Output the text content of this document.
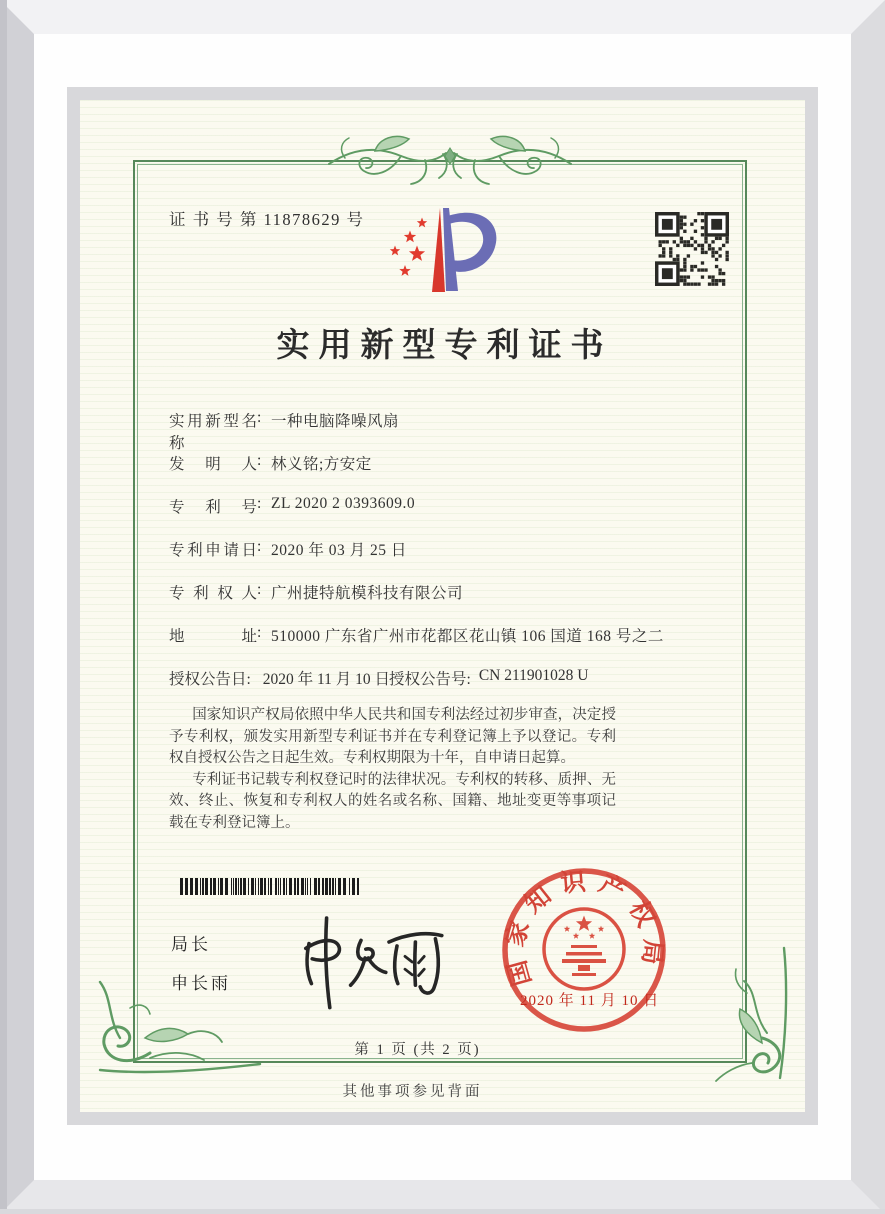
证 书 号 第 11878629 号
实用新型专利证书
实用新型名称
: 一种电脑降噪风扇
发明人 : 林义铭;方安定
专利号 : ZL 2020 2 0393609.0
专利申请日 : 2020 年 03 月 25 日
专利权人 : 广州捷特航模科技有限公司
地址 : 510000 广东省广州市花都区花山镇 106 国道 168 号之二
授权公告日: 2020 年 11 月 10 日 授权公告号: CN 211901028 U

国家知识产权局依照中华人民共和国专利法经过初步审查，决定授予专利权，颁发实用新型专利证书并在专利登记簿上予以登记。专利权自授权公告之日起生效。专利权期限为十年，自申请日起算。

专利证书记载专利权登记时的法律状况。专利权的转移、质押、无效、终止、恢复和专利权人的姓名或名称、国籍、地址变更等事项记载在专利登记簿上。

局长
申长雨	国家知识产权局
2020 年 11 月 10 日
第 1 页 (共 2 页)
其他事项参见背面
